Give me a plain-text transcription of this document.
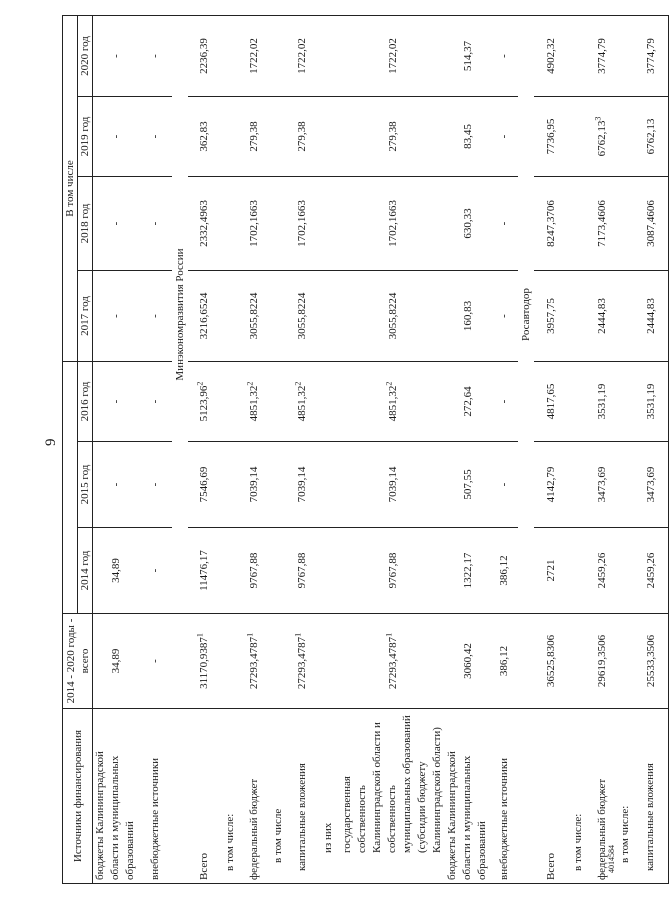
9
Источники финансирования	2014 - 2020 годы - всего				В том числе			
		2014 год	2015 год	2016 год	2017 год	2018 год	2019 год	2020 год
бюджеты Калининградской области и муниципальных образований	34,89	34,89	-	-	-	-	-	-
внебюджетные источники	-	-	-	-	-	-	-	-
		Минэкономразвития России						
Всего	31170,9387$^1$	11476,17	7546,69	5123,96$^2$	3216,6524	2332,4963	362,83	2236,39
в том числе:								
федеральный бюджет	27293,4787$^1$	9767,88	7039,14	4851,32$^2$	3055,8224	1702,1663	279,38	1722,02
в том числе								
капитальные вложения	27293,4787$^1$	9767,88	7039,14	4851,32$^2$	3055,8224	1702,1663	279,38	1722,02
из них								
государственная собственность Калининградской области и собственность муниципальных образований (субсидии бюджету Калининградской области)	27293,4787$^1$	9767,88	7039,14	4851,32$^2$	3055,8224	1702,1663	279,38	1722,02
бюджеты Калининградской области и муниципальных образований	3060,42	1322,17	507,55	272,64	160,83	630,33	83,45	514,37
внебюджетные источники	386,12	386,12	-	-	-	-	-	-
		Росавтодор						
Всего	36525,8306	2721	4142,79	4817,65	3957,75	8247,3706	7736,95	4902,32
в том числе:								
федеральный бюджет	29619,3506	2459,26	3473,69	3531,19	2444,83	7173,4606	6762,13$^3$	3774,79
в том числе:								
капитальные вложения	25533,3506	2459,26	3473,69	3531,19	2444,83	3087,4606	6762,13	3774,79
4014584
